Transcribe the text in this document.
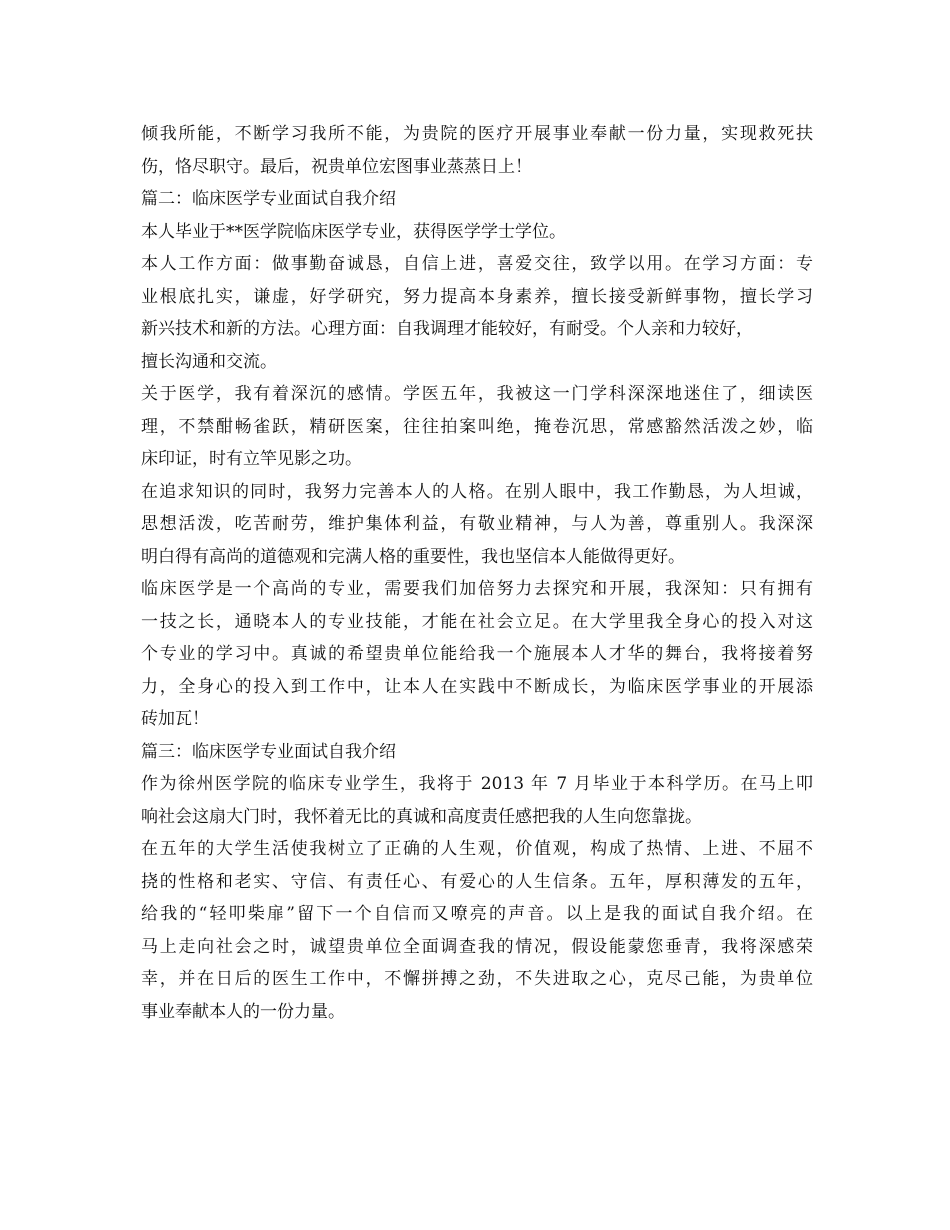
倾我所能，不断学习我所不能，为贵院的医疗开展事业奉献一份力量，实现救死扶
伤，恪尽职守。最后，祝贵单位宏图事业蒸蒸日上！
篇二：临床医学专业面试自我介绍
本人毕业于**医学院临床医学专业，获得医学学士学位。
本人工作方面：做事勤奋诚恳，自信上进，喜爱交往，致学以用。在学习方面：专
业根底扎实，谦虚，好学研究，努力提高本身素养，擅长接受新鲜事物，擅长学习
新兴技术和新的方法。心理方面：自我调理才能较好，有耐受。个人亲和力较好，
擅长沟通和交流。
关于医学，我有着深沉的感情。学医五年，我被这一门学科深深地迷住了，细读医
理，不禁酣畅雀跃，精研医案，往往拍案叫绝，掩卷沉思，常感豁然活泼之妙，临
床印证，时有立竿见影之功。
在追求知识的同时，我努力完善本人的人格。在别人眼中，我工作勤恳，为人坦诚，
思想活泼，吃苦耐劳，维护集体利益，有敬业精神，与人为善，尊重别人。我深深
明白得有高尚的道德观和完满人格的重要性，我也坚信本人能做得更好。
临床医学是一个高尚的专业，需要我们加倍努力去探究和开展，我深知：只有拥有
一技之长，通晓本人的专业技能，才能在社会立足。在大学里我全身心的投入对这
个专业的学习中。真诚的希望贵单位能给我一个施展本人才华的舞台，我将接着努
力，全身心的投入到工作中，让本人在实践中不断成长，为临床医学事业的开展添
砖加瓦！
篇三：临床医学专业面试自我介绍
作为徐州医学院的临床专业学生，我将于 2013 年 7 月毕业于本科学历。在马上叩
响社会这扇大门时，我怀着无比的真诚和高度责任感把我的人生向您靠拢。
在五年的大学生活使我树立了正确的人生观，价值观，构成了热情、上进、不屈不
挠的性格和老实、守信、有责任心、有爱心的人生信条。五年，厚积薄发的五年，
给我的“轻叩柴扉”留下一个自信而又嘹亮的声音。以上是我的面试自我介绍。在
马上走向社会之时，诚望贵单位全面调查我的情况，假设能蒙您垂青，我将深感荣
幸，并在日后的医生工作中，不懈拼搏之劲，不失进取之心，克尽己能，为贵单位
事业奉献本人的一份力量。
